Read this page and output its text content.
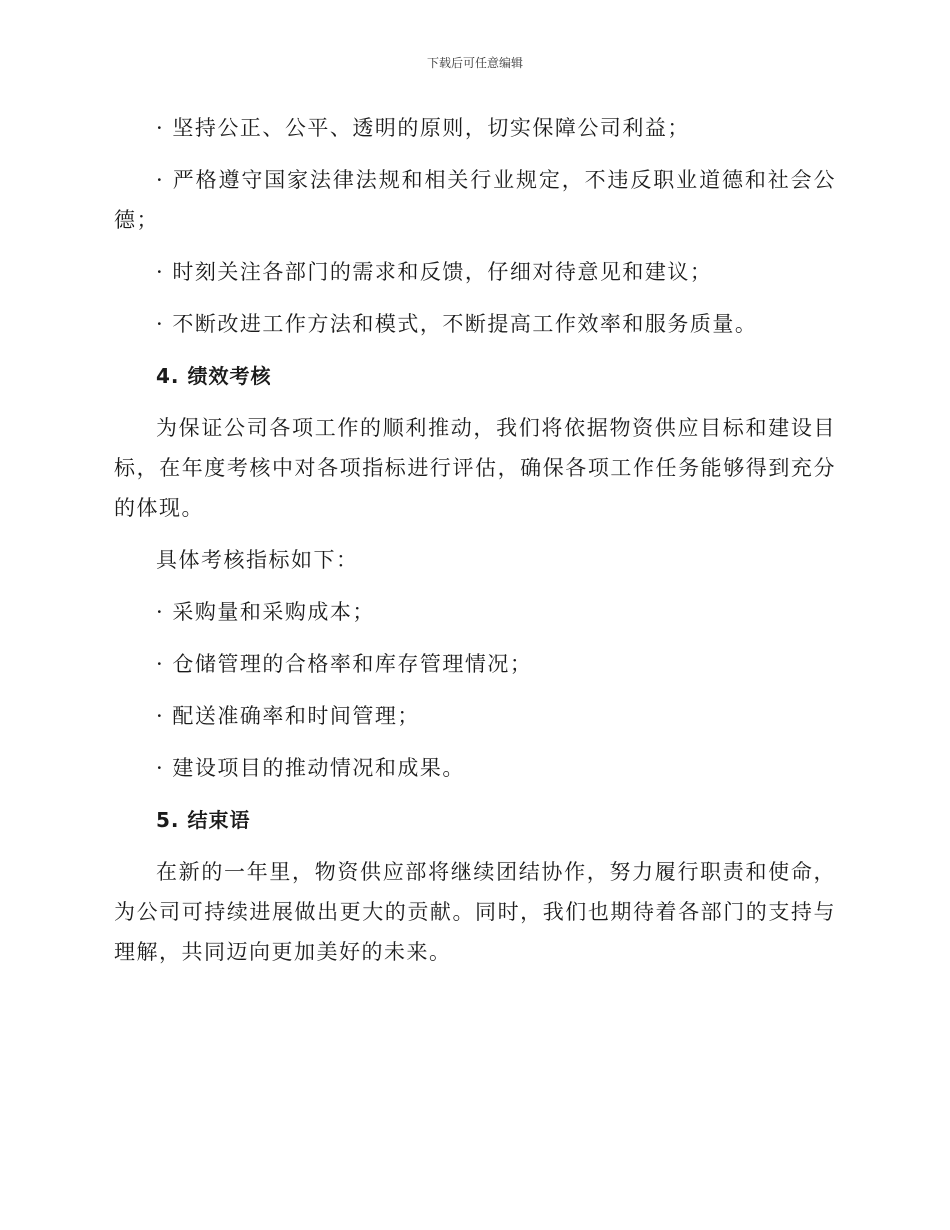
下载后可任意编辑

· 坚持公正、公平、透明的原则，切实保障公司利益；

· 严格遵守国家法律法规和相关行业规定，不违反职业道德和社会公德；

· 时刻关注各部门的需求和反馈，仔细对待意见和建议；

· 不断改进工作方法和模式，不断提高工作效率和服务质量。

4. 绩效考核

为保证公司各项工作的顺利推动，我们将依据物资供应目标和建设目标，在年度考核中对各项指标进行评估，确保各项工作任务能够得到充分的体现。

具体考核指标如下：

· 采购量和采购成本；

· 仓储管理的合格率和库存管理情况；

· 配送准确率和时间管理；

· 建设项目的推动情况和成果。

5. 结束语

在新的一年里，物资供应部将继续团结协作，努力履行职责和使命，为公司可持续进展做出更大的贡献。同时，我们也期待着各部门的支持与理解，共同迈向更加美好的未来。
